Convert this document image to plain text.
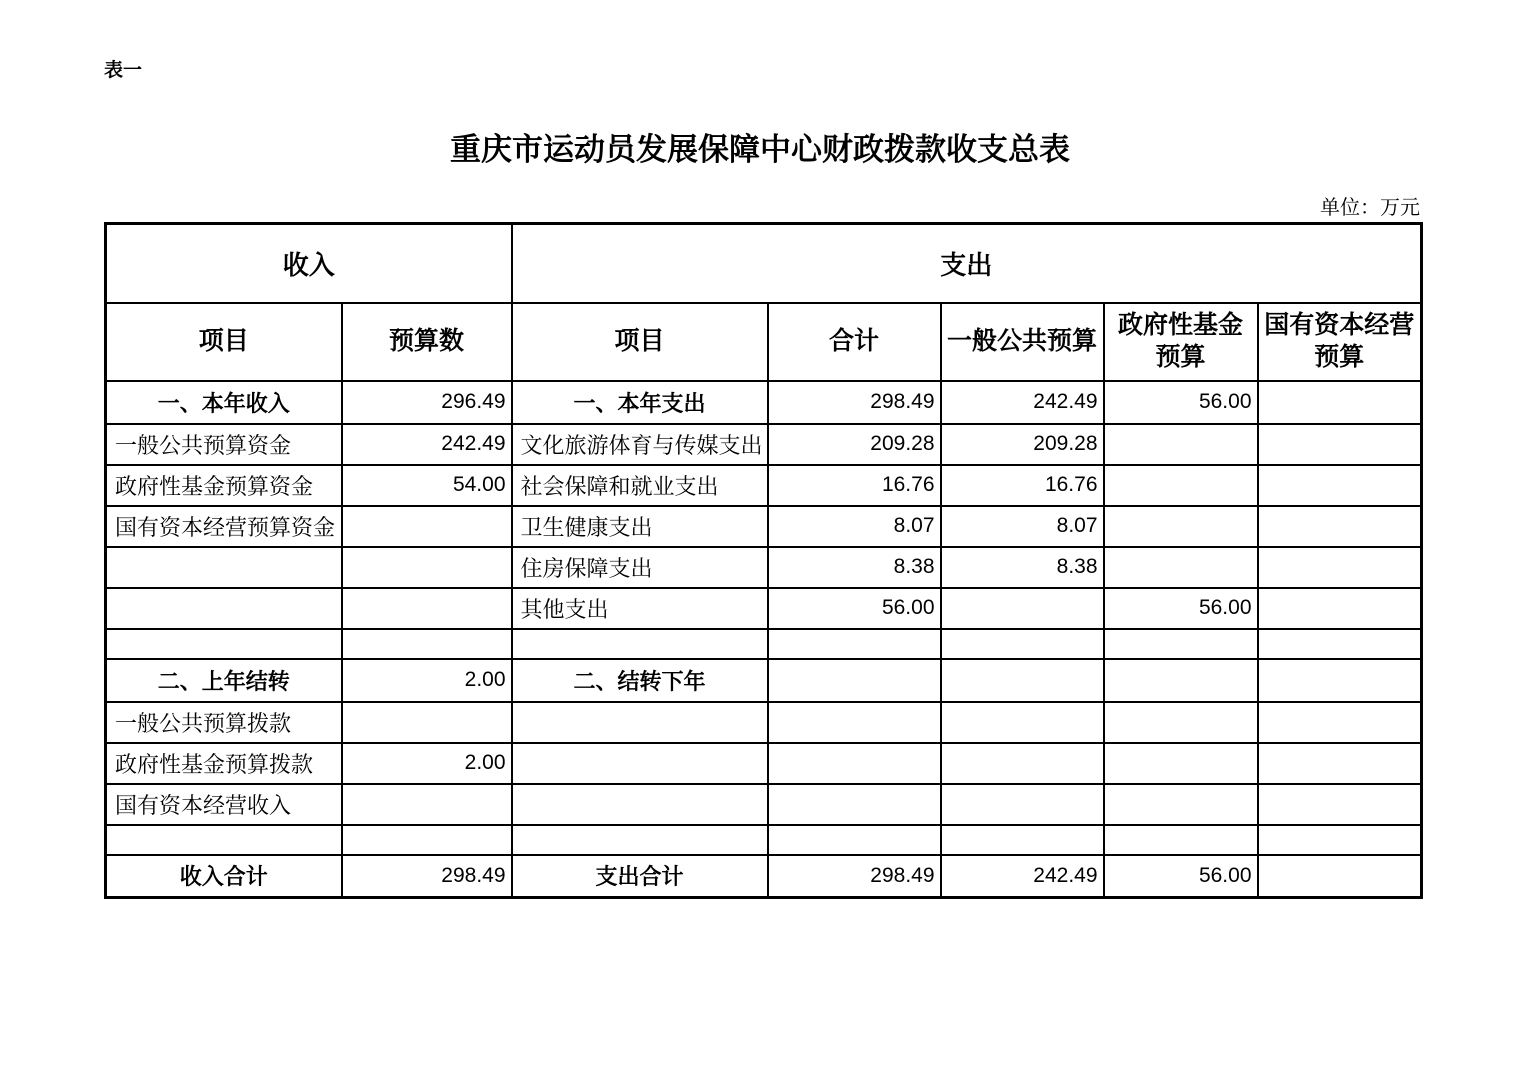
表一
重庆市运动员发展保障中心财政拨款收支总表
单位：万元
收入		支出				
项目	预算数	项目	合计	一般公共预算	政府性基金预算	国有资本经营预算
一、本年收入	296.49	一、本年支出	298.49	242.49	56.00	
一般公共预算资金	242.49	文化旅游体育与传媒支出	209.28	209.28		
政府性基金预算资金	54.00	社会保障和就业支出	16.76	16.76		
国有资本经营预算资金		卫生健康支出	8.07	8.07		
		住房保障支出	8.38	8.38		
		其他支出	56.00		56.00	

二、上年结转	2.00	二、结转下年				
一般公共预算拨款						
政府性基金预算拨款	2.00					
国有资本经营收入						

收入合计	298.49	支出合计	298.49	242.49	56.00	
